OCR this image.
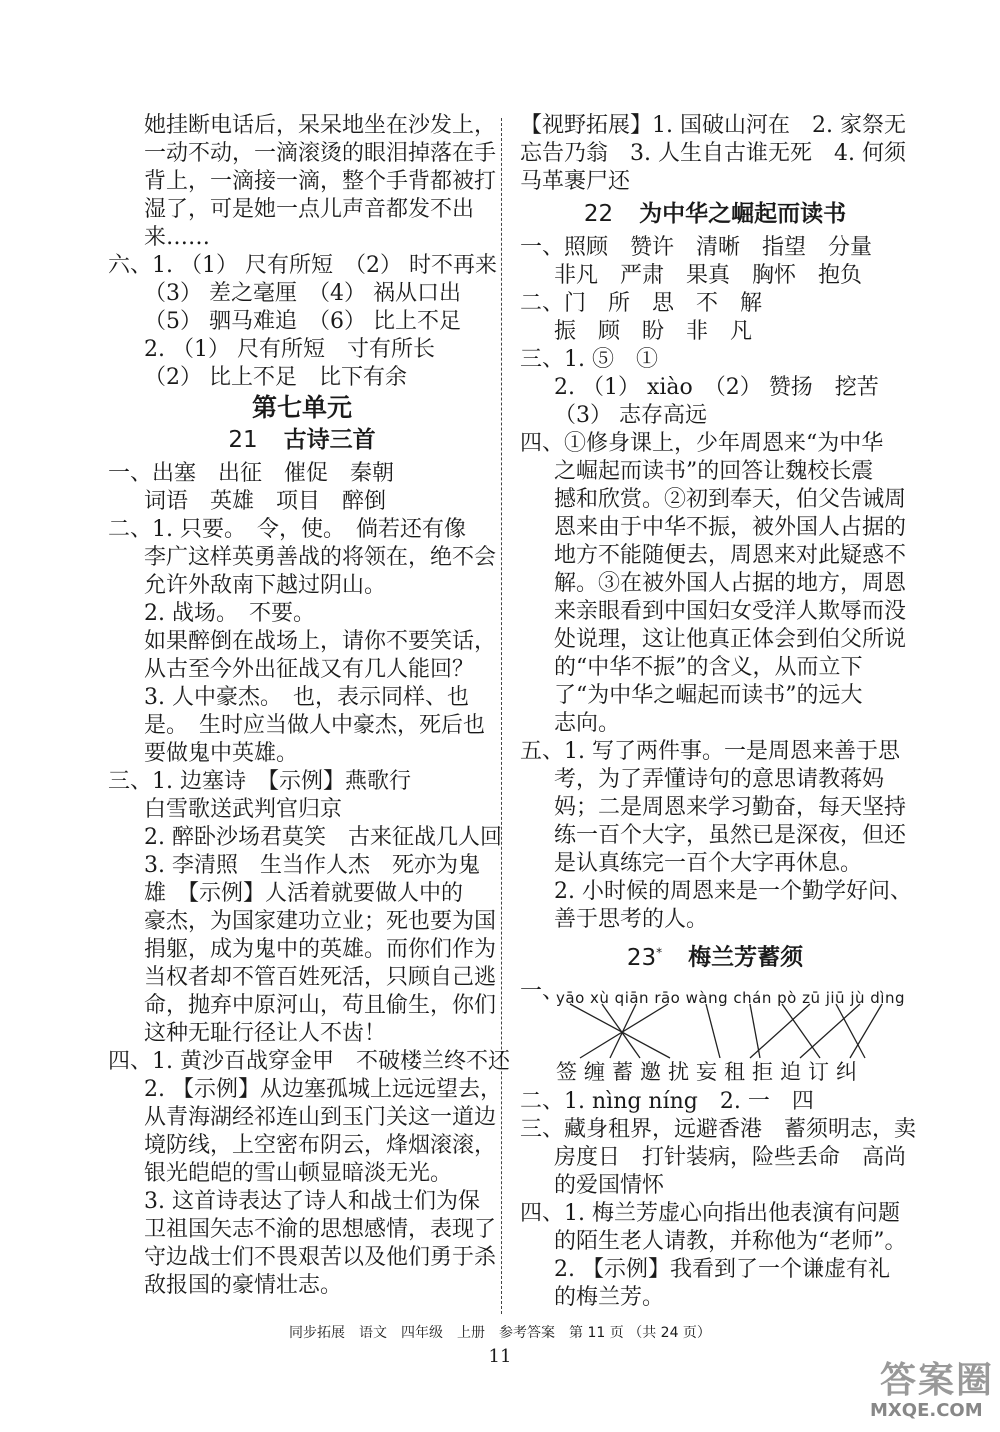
她挂断电话后，呆呆地坐在沙发上，
一动不动，一滴滚烫的眼泪掉落在手
背上，一滴接一滴，整个手背都被打
湿了，可是她一点儿声音都发不出
来……
六、1. （1） 尺有所短　（2） 时不再来
（3） 差之毫厘　（4） 祸从口出
（5） 驷马难追　（6） 比上不足
2. （1） 尺有所短　寸有所长
（2） 比上不足　比下有余
第七单元
21 古诗三首
一、出塞　出征　催促　秦朝
词语　英雄　项目　醉倒
二、1. 只要。　令，使。　倘若还有像
李广这样英勇善战的将领在，绝不会
允许外敌南下越过阴山。
2. 战场。　不要。
如果醉倒在战场上，请你不要笑话，
从古至今外出征战又有几人能回？
3. 人中豪杰。　也，表示同样、也
是。　生时应当做人中豪杰，死后也
要做鬼中英雄。
三、1. 边塞诗　【示例】燕歌行
白雪歌送武判官归京
2. 醉卧沙场君莫笑　古来征战几人回
3. 李清照　生当作人杰　死亦为鬼
雄　【示例】人活着就要做人中的
豪杰，为国家建功立业；死也要为国
捐躯，成为鬼中的英雄。而你们作为
当权者却不管百姓死活，只顾自己逃
命，抛弃中原河山，苟且偷生，你们
这种无耻行径让人不齿！
四、1. 黄沙百战穿金甲　不破楼兰终不还
2. 【示例】从边塞孤城上远远望去，
从青海湖经祁连山到玉门关这一道边
境防线，上空密布阴云，烽烟滚滚，
银光皑皑的雪山顿显暗淡无光。
3. 这首诗表达了诗人和战士们为保
卫祖国矢志不渝的思想感情，表现了
守边战士们不畏艰苦以及他们勇于杀
敌报国的豪情壮志。
【视野拓展】1. 国破山河在　2. 家祭无
忘告乃翁　3. 人生自古谁无死　4. 何须
马革裹尸还
22 为中华之崛起而读书
一、照顾　赞许　清晰　指望　分量
非凡　严肃　果真　胸怀　抱负
二、门　所　思　不　解
振　顾　盼　非　凡
三、1. ⑤　①
2. （1） xiào　（2） 赞扬　挖苦
（3） 志存高远
四、①修身课上，少年周恩来“为中华
之崛起而读书”的回答让魏校长震
撼和欣赏。②初到奉天，伯父告诫周
恩来由于中华不振，被外国人占据的
地方不能随便去，周恩来对此疑惑不
解。③在被外国人占据的地方，周恩
来亲眼看到中国妇女受洋人欺辱而没
处说理，这让他真正体会到伯父所说
的“中华不振”的含义，从而立下
了“为中华之崛起而读书”的远大
志向。
五、1. 写了两件事。一是周恩来善于思
考，为了弄懂诗句的意思请教蒋妈
妈；二是周恩来学习勤奋，每天坚持
练一百个大字，虽然已是深夜，但还
是认真练完一百个大字再休息。
2. 小时候的周恩来是一个勤学好问、
善于思考的人。
23* 梅兰芳蓄须
一、
yāo xù qiān rāo wàng chán pò zū jiū jù dìng
签缠蓄邀扰妄租拒迫订纠
二、1. nìng níng　2. 一　四
三、藏身租界，远避香港　蓄须明志，卖
房度日　打针装病，险些丢命　高尚
的爱国情怀
四、1. 梅兰芳虚心向指出他表演有问题
的陌生老人请教，并称他为“老师”。
2. 【示例】我看到了一个谦虚有礼
的梅兰芳。
同步拓展　语文　四年级　上册　参考答案　第 11 页 （共 24 页）
11
答案圈
MXQE.COM
